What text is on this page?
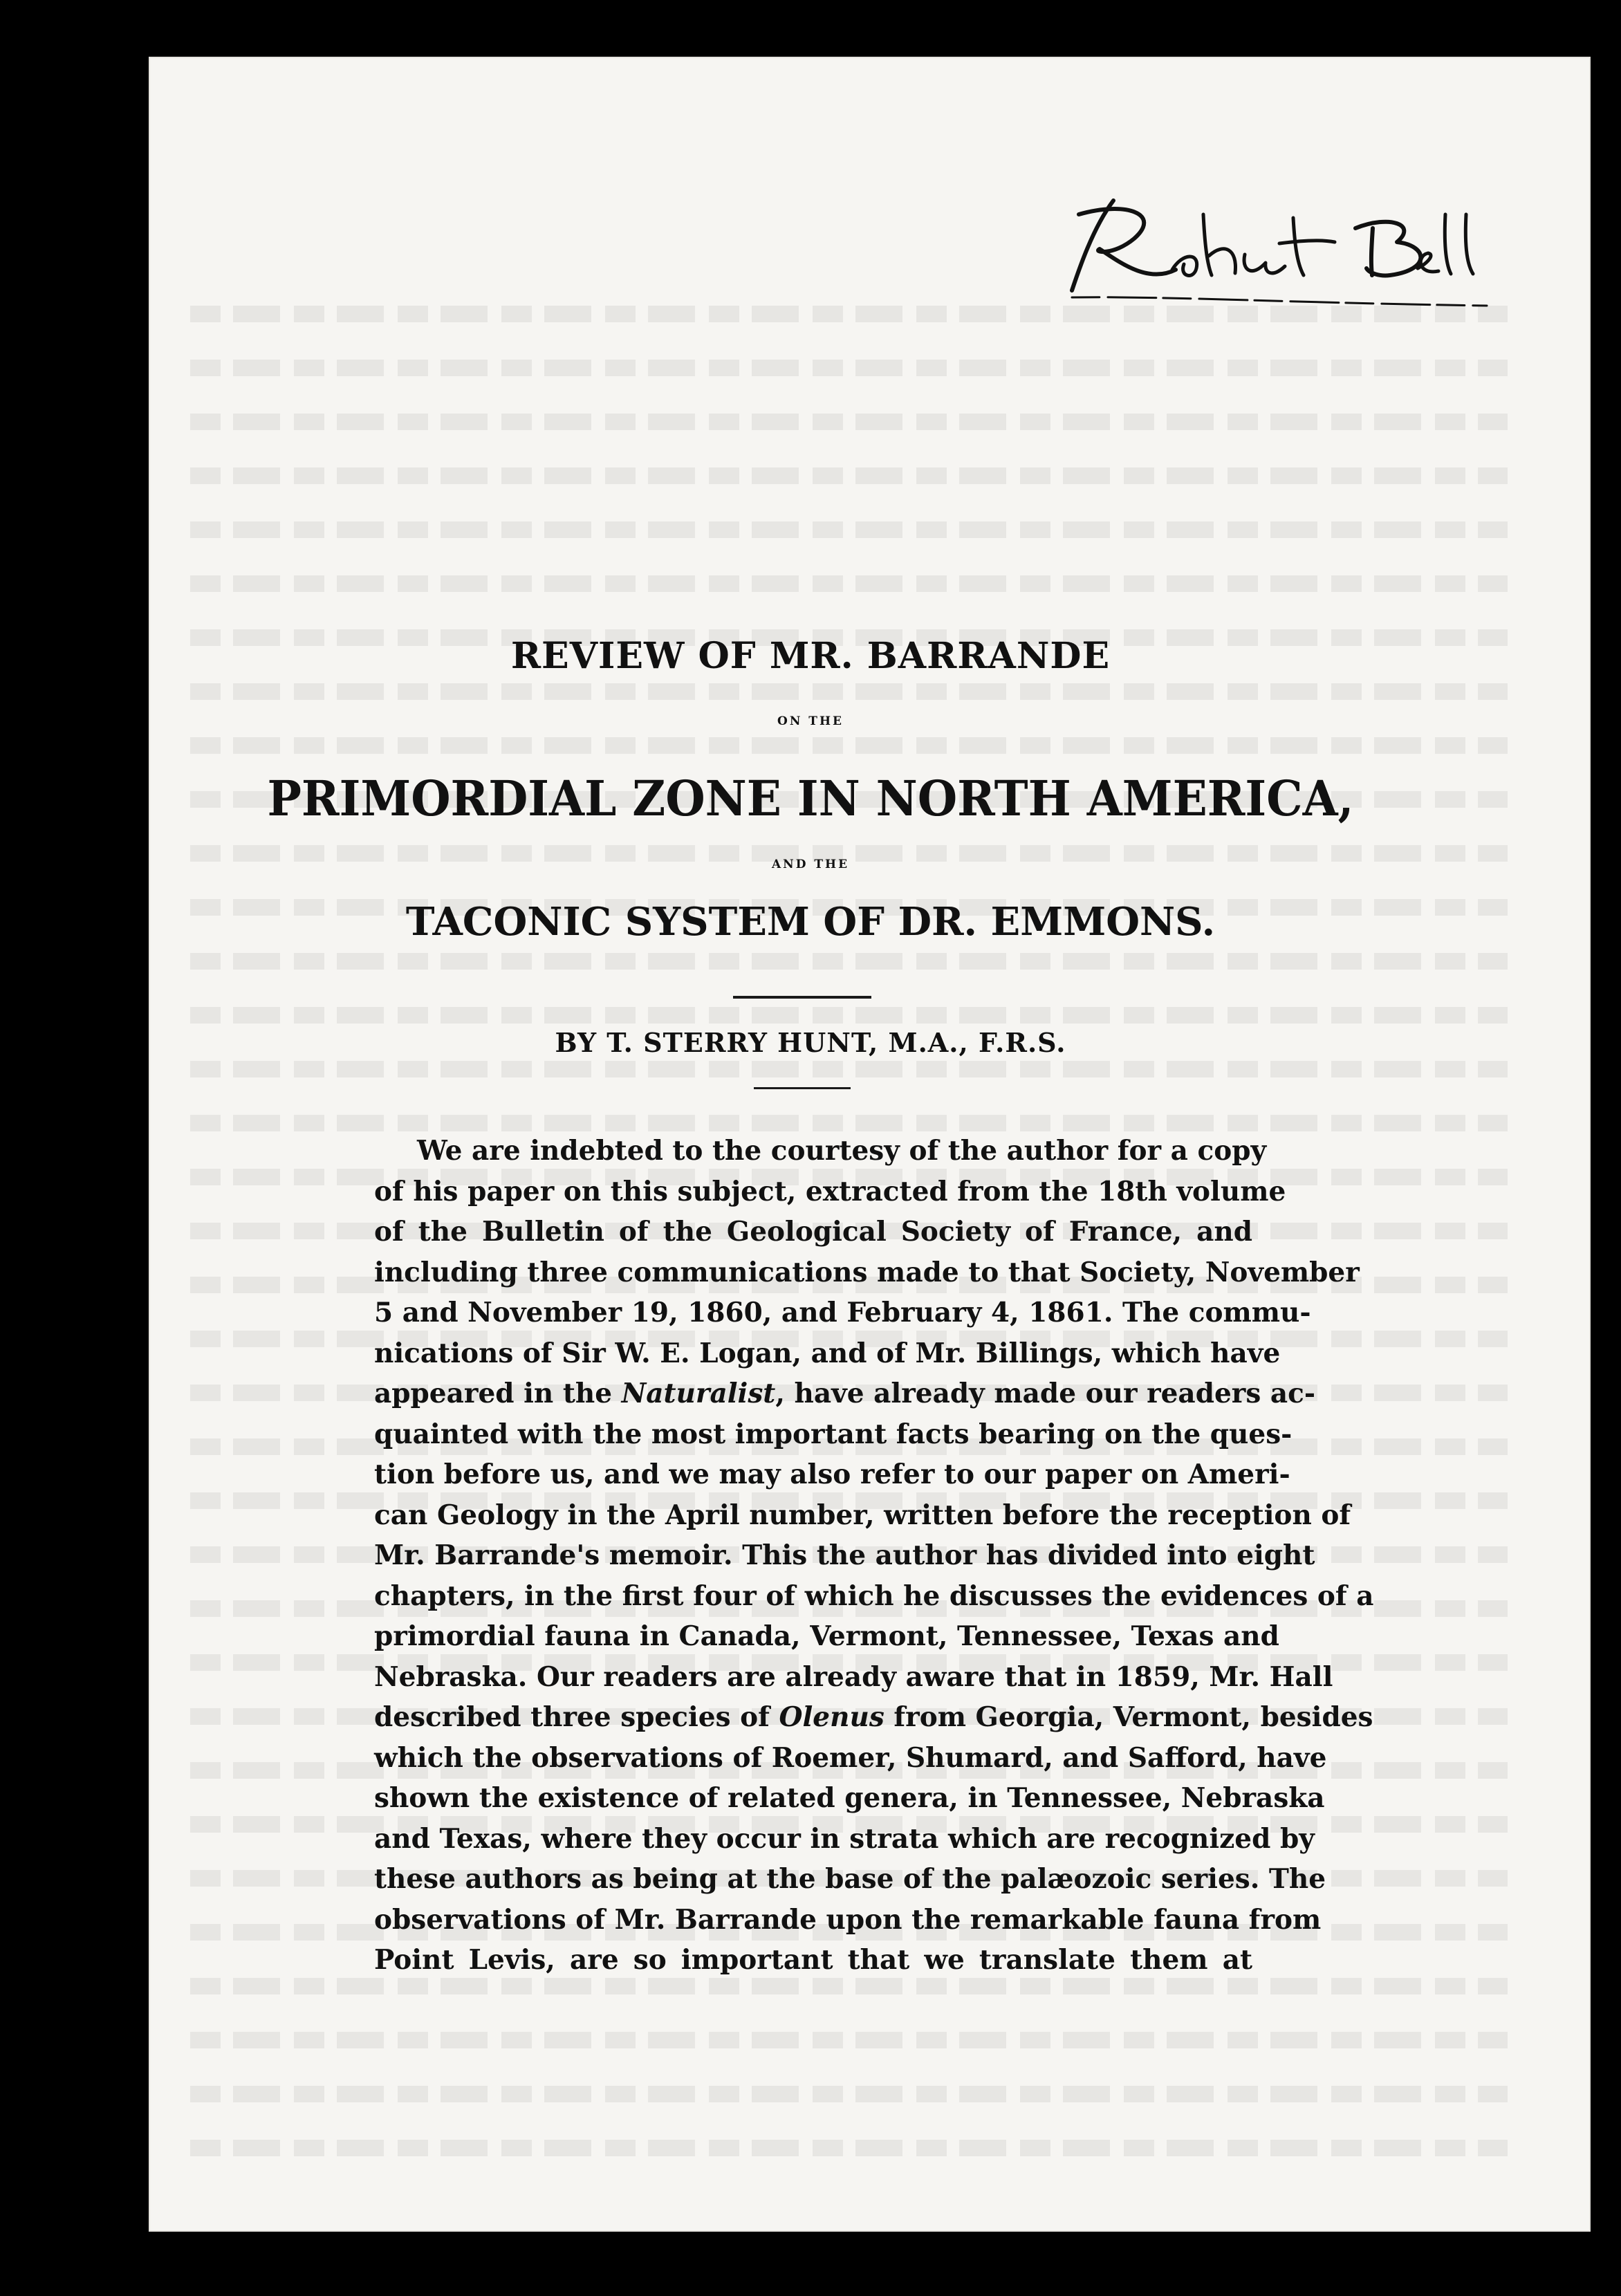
Robert Bell
REVIEW OF MR. BARRANDE
ON THE
PRIMORDIAL ZONE IN NORTH AMERICA,
AND THE
TACONIC SYSTEM OF DR. EMMONS.
BY T. STERRY HUNT, M.A., F.R.S.
We are indebted to the courtesy of the author for a copy
of his paper on this subject, extracted from the 18th volume
of the Bulletin of the Geological Society of France, and
including three communications made to that Society, November
5 and November 19, 1860, and February 4, 1861. The commu-
nications of Sir W. E. Logan, and of Mr. Billings, which have
appeared in the Naturalist, have already made our readers ac-
quainted with the most important facts bearing on the ques-
tion before us, and we may also refer to our paper on Ameri-
can Geology in the April number, written before the reception of
Mr. Barrande's memoir. This the author has divided into eight
chapters, in the first four of which he discusses the evidences of a
primordial fauna in Canada, Vermont, Tennessee, Texas and
Nebraska. Our readers are already aware that in 1859, Mr. Hall
described three species of Olenus from Georgia, Vermont, besides
which the observations of Roemer, Shumard, and Safford, have
shown the existence of related genera, in Tennessee, Nebraska
and Texas, where they occur in strata which are recognized by
these authors as being at the base of the palæozoic series. The
observations of Mr. Barrande upon the remarkable fauna from
Point Levis, are so important that we translate them at
